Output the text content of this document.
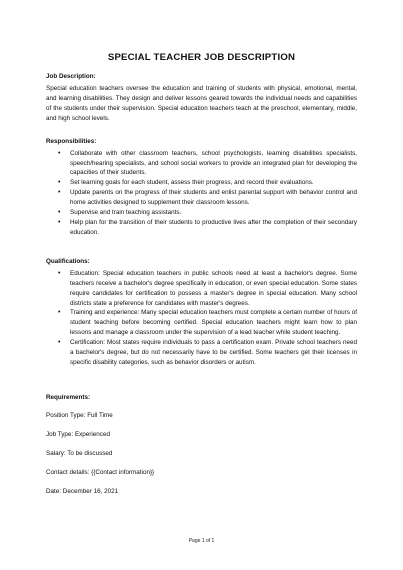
SPECIAL TEACHER JOB DESCRIPTION
Job Description:
Special education teachers oversee the education and training of students with physical, emotional, mental, and learning disabilities. They design and deliver lessons geared towards the individual needs and capabilities of the students under their supervision. Special education teachers teach at the preschool, elementary, middle, and high school levels.
Responsibilities:
• Collaborate with other classroom teachers, school psychologists, learning disabilities specialists, speech/hearing specialists, and school social workers to provide an integrated plan for developing the capacities of their students.
• Set learning goals for each student, assess their progress, and record their evaluations.
• Update parents on the progress of their students and enlist parental support with behavior control and home activities designed to supplement their classroom lessons.
• Supervise and train teaching assistants.
• Help plan for the transition of their students to productive lives after the completion of their secondary education.
Qualifications:
• Education: Special education teachers in public schools need at least a bachelor's degree. Some teachers receive a bachelor's degree specifically in education, or even special education. Some states require candidates for certification to possess a master's degree in special education. Many school districts state a preference for candidates with master's degrees.
• Training and experience: Many special education teachers must complete a certain number of hours of student teaching before becoming certified. Special education teachers might learn how to plan lessons and manage a classroom under the supervision of a lead teacher while student teaching.
• Certification: Most states require individuals to pass a certification exam. Private school teachers need a bachelor's degree, but do not necessarily have to be certified. Some teachers get their licenses in specific disability categories, such as behavior disorders or autism.
Requirements:
Position Type: Full Time
Job Type: Experienced
Salary: To be discussed
Contact details: {{Contact information}}
Date: December 16, 2021
Page 1 of 1
